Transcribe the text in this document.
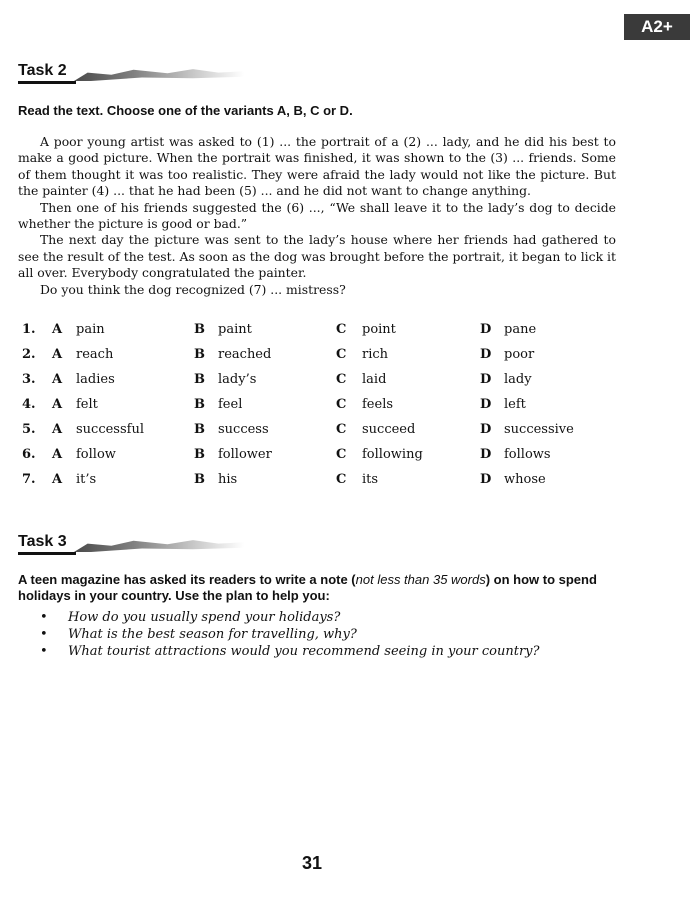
A2+
Task 2
Read the text. Choose one of the variants A, B, C or D.

A poor young artist was asked to (1) ... the portrait of a (2) ... lady, and he did his best to make a good picture. When the portrait was finished, it was shown to the (3) ... friends. Some of them thought it was too realistic. They were afraid the lady would not like the picture. But the painter (4) ... that he had been (5) ... and he did not want to change anything.

Then one of his friends suggested the (6) ..., “We shall leave it to the lady’s dog to decide whether the picture is good or bad.”

The next day the picture was sent to the lady’s house where her friends had gathered to see the result of the test. As soon as the dog was brought before the portrait, it began to lick it all over. Everybody congratulated the painter.

Do you think the dog recognized (7) ... mistress?

1. A pain	B paint	C point	D pane
2. A reach	B reached	C rich	D poor
3. A ladies	B lady’s	C laid	D lady
4. A felt	B feel	C feels	D left
5. A successful	B success	C succeed	D successive
6. A follow	B follower	C following	D follows
7. A it’s	B his	C its	D whose
Task 3
A teen magazine has asked its readers to write a note (not less than 35 words) on how to spend holidays in your country. Use the plan to help you:
• How do you usually spend your holidays?
• What is the best season for travelling, why?
• What tourist attractions would you recommend seeing in your country?
31
